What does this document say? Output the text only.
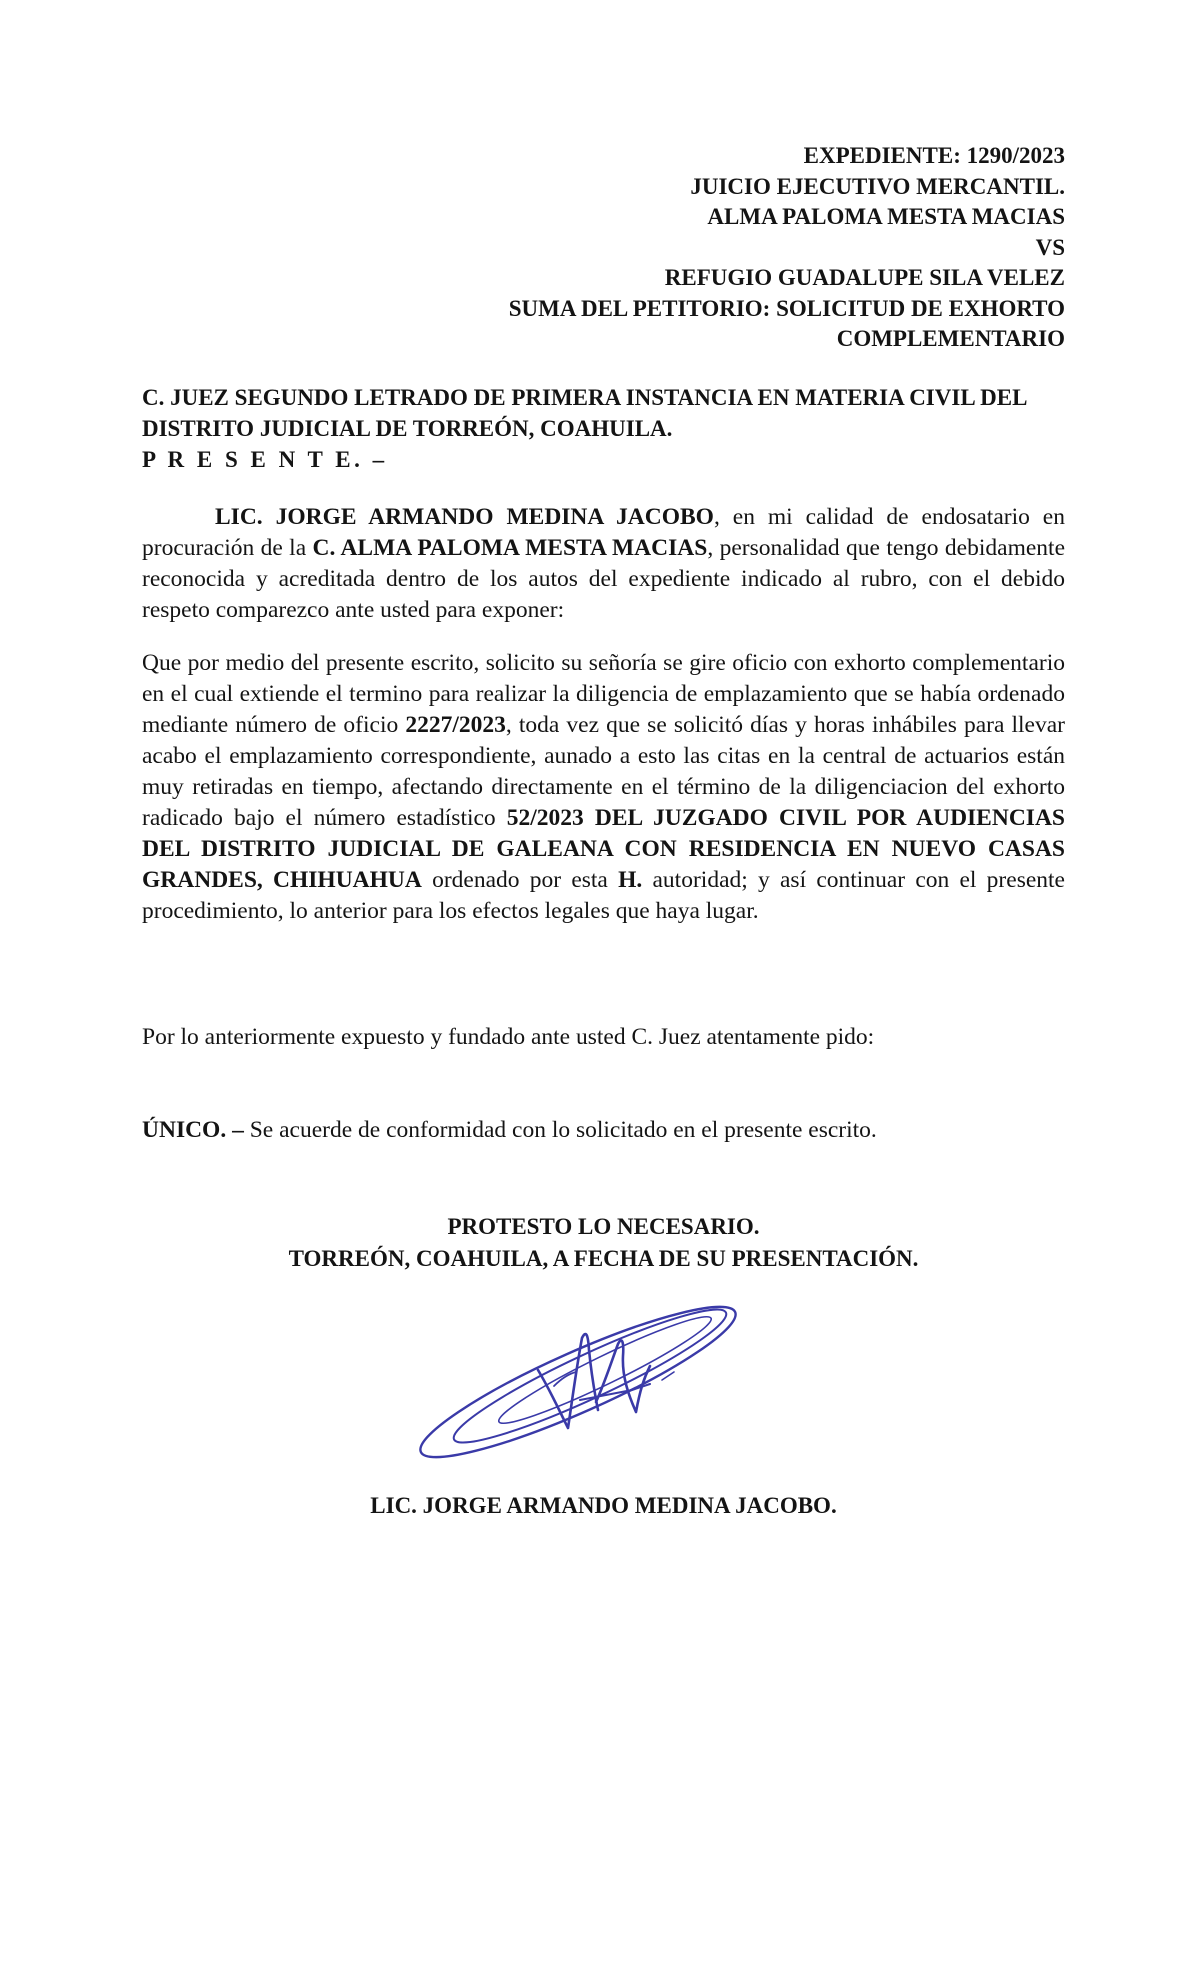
EXPEDIENTE: 1290/2023
JUICIO EJECUTIVO MERCANTIL.
ALMA PALOMA MESTA MACIAS
VS
REFUGIO GUADALUPE SILA VELEZ
SUMA DEL PETITORIO: SOLICITUD DE EXHORTO
COMPLEMENTARIO
C. JUEZ SEGUNDO LETRADO DE PRIMERA INSTANCIA EN MATERIA CIVIL DEL
DISTRITO JUDICIAL DE TORREÓN, COAHUILA.
P R E S E N T E. –
LIC. JORGE ARMANDO MEDINA JACOBO, en mi calidad de endosatario en procuración de la C. ALMA PALOMA MESTA MACIAS, personalidad que tengo debidamente reconocida y acreditada dentro de los autos del expediente indicado al rubro, con el debido respeto comparezco ante usted para exponer:
Que por medio del presente escrito, solicito su señoría se gire oficio con exhorto complementario en el cual extiende el termino para realizar la diligencia de emplazamiento que se había ordenado mediante número de oficio 2227/2023, toda vez que se solicitó días y horas inhábiles para llevar acabo el emplazamiento correspondiente, aunado a esto las citas en la central de actuarios están muy retiradas en tiempo, afectando directamente en el término de la diligenciacion del exhorto radicado bajo el número estadístico 52/2023 DEL JUZGADO CIVIL POR AUDIENCIAS DEL DISTRITO JUDICIAL DE GALEANA CON RESIDENCIA EN NUEVO CASAS GRANDES, CHIHUAHUA ordenado por esta H. autoridad; y así continuar con el presente procedimiento, lo anterior para los efectos legales que haya lugar.
Por lo anteriormente expuesto y fundado ante usted C. Juez atentamente pido:
ÚNICO. – Se acuerde de conformidad con lo solicitado en el presente escrito.
PROTESTO LO NECESARIO.
TORREÓN, COAHUILA, A FECHA DE SU PRESENTACIÓN.
LIC. JORGE ARMANDO MEDINA JACOBO.
